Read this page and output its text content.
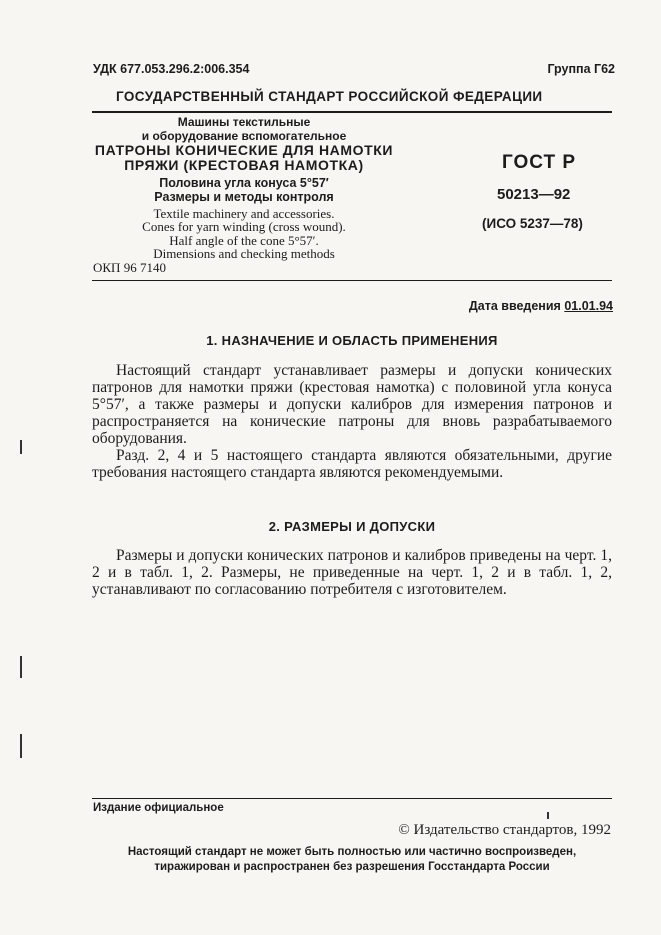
УДК 677.053.296.2:006.354	Группа Г62
ГОСУДАРСТВЕННЫЙ СТАНДАРТ РОССИЙСКОЙ ФЕДЕРАЦИИ
Машины текстильные
и оборудование вспомогательное
ПАТРОНЫ КОНИЧЕСКИЕ ДЛЯ НАМОТКИ
ПРЯЖИ (КРЕСТОВАЯ НАМОТКА)
Половина угла конуса 5°57′
Размеры и методы контроля
Textile machinery and accessories.
Cones for yarn winding (cross wound).
Half angle of the cone 5°57′.
Dimensions and checking methods
ОКП 96 7140
ГОСТ Р
50213—92
(ИСО 5237—78)
Дата введения 01.01.94
1. НАЗНАЧЕНИЕ И ОБЛАСТЬ ПРИМЕНЕНИЯ

Настоящий стандарт устанавливает размеры и допуски конических патронов для намотки пряжи (крестовая намотка) с половиной угла конуса 5°57′, а также размеры и допуски калибров для измерения патронов и распространяется на конические патроны для вновь разрабатываемого оборудования.

Разд. 2, 4 и 5 настоящего стандарта являются обязательными, другие требования настоящего стандарта являются рекомендуемыми.

2. РАЗМЕРЫ И ДОПУСКИ

Размеры и допуски конических патронов и калибров приведены на черт. 1, 2 и в табл. 1, 2. Размеры, не приведенные на черт. 1, 2 и в табл. 1, 2, устанавливают по согласованию потребителя с изготовителем.

Издание официальное
© Издательство стандартов, 1992
Настоящий стандарт не может быть полностью или частично воспроизведен,
тиражирован и распространен без разрешения Госстандарта России
